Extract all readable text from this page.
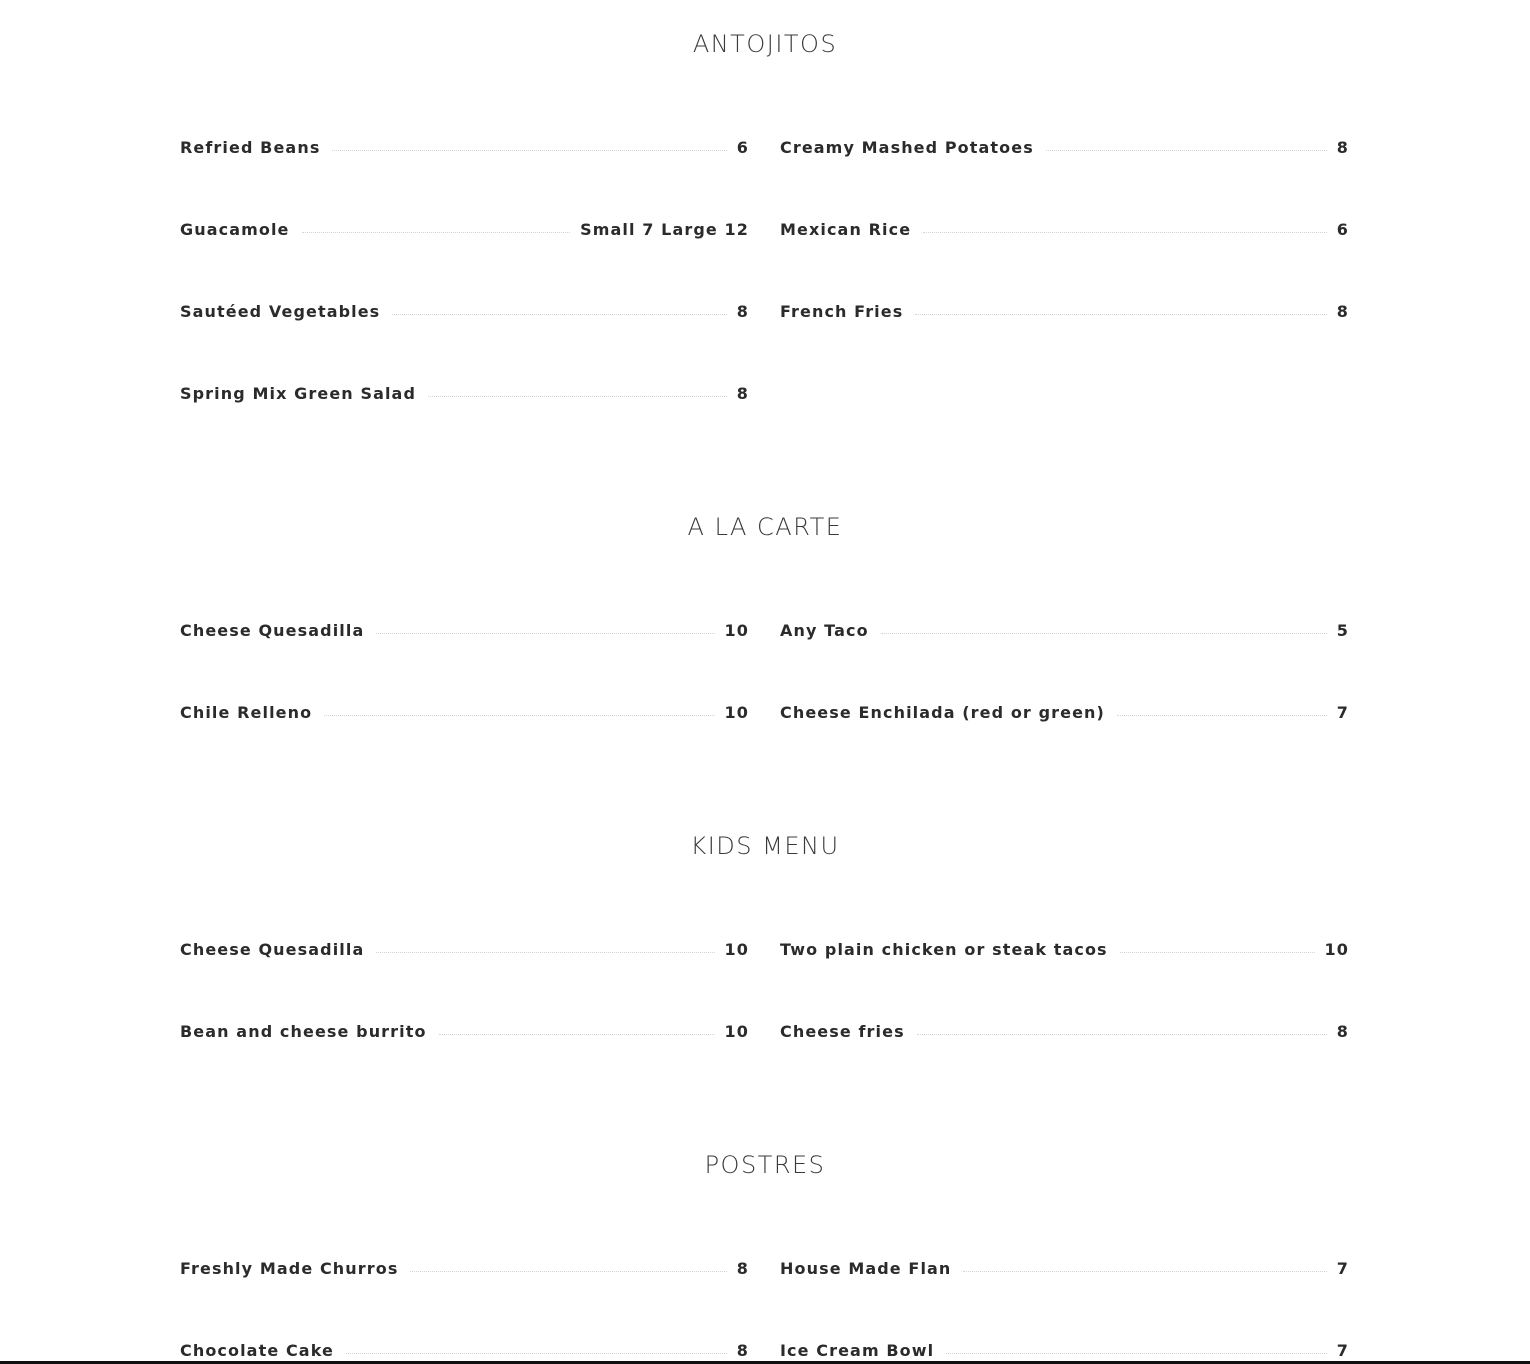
ANTOJITOS
Refried Beans	6 Creamy Mashed Potatoes	8
Guacamole	Small 7 Large 12 Mexican Rice	6
Sautéed Vegetables	8 French Fries	8
Spring Mix Green Salad	8
A LA CARTE
Cheese Quesadilla	10 Any Taco	5
Chile Relleno	10 Cheese Enchilada (red or green)	7
KIDS MENU
Cheese Quesadilla	10 Two plain chicken or steak tacos	10
Bean and cheese burrito	10 Cheese fries	8
POSTRES
Freshly Made Churros	8 House Made Flan	7
Chocolate Cake	8 Ice Cream Bowl	7
